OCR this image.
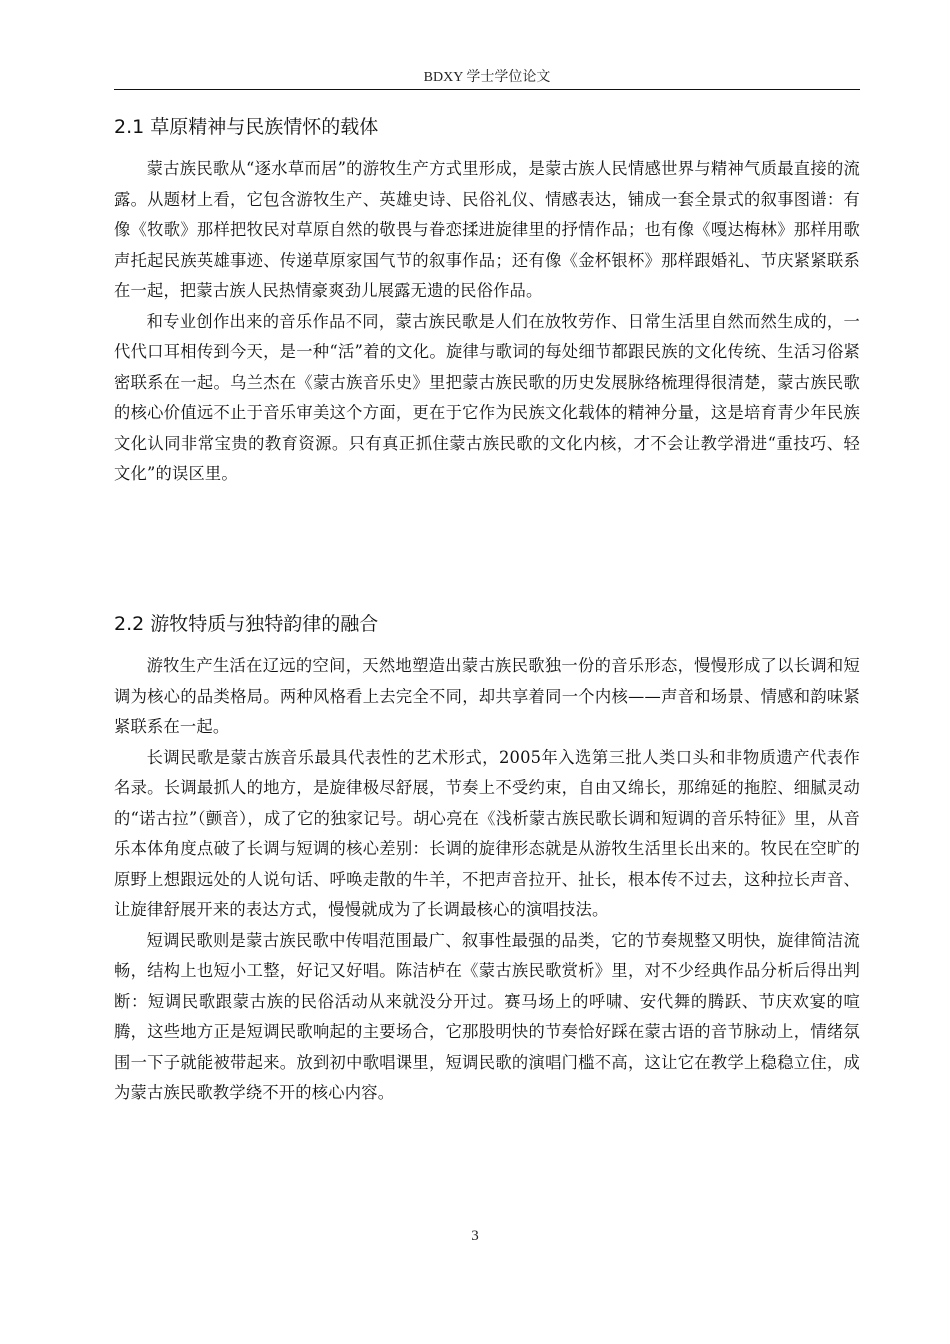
BDXY 学士学位论文
2.1 草原精神与民族情怀的载体

蒙古族民歌从“逐水草而居”的游牧生产方式里形成，是蒙古族人民情感世界与精神气质最直接的流露。从题材上看，它包含游牧生产、英雄史诗、民俗礼仪、情感表达，铺成一套全景式的叙事图谱：有像《牧歌》那样把牧民对草原自然的敬畏与眷恋揉进旋律里的抒情作品；也有像《嘎达梅林》那样用歌声托起民族英雄事迹、传递草原家国气节的叙事作品；还有像《金杯银杯》那样跟婚礼、节庆紧紧联系在一起，把蒙古族人民热情豪爽劲儿展露无遗的民俗作品。

和专业创作出来的音乐作品不同，蒙古族民歌是人们在放牧劳作、日常生活里自然而然生成的，一代代口耳相传到今天，是一种“活”着的文化。旋律与歌词的每处细节都跟民族的文化传统、生活习俗紧密联系在一起。乌兰杰在《蒙古族音乐史》里把蒙古族民歌的历史发展脉络梳理得很清楚，蒙古族民歌的核心价值远不止于音乐审美这个方面，更在于它作为民族文化载体的精神分量，这是培育青少年民族文化认同非常宝贵的教育资源。只有真正抓住蒙古族民歌的文化内核，才不会让教学滑进“重技巧、轻文化”的误区里。

2.2 游牧特质与独特韵律的融合

游牧生产生活在辽远的空间，天然地塑造出蒙古族民歌独一份的音乐形态，慢慢形成了以长调和短调为核心的品类格局。两种风格看上去完全不同，却共享着同一个内核——声音和场景、情感和韵味紧紧联系在一起。

长调民歌是蒙古族音乐最具代表性的艺术形式，2005年入选第三批人类口头和非物质遗产代表作名录。长调最抓人的地方，是旋律极尽舒展，节奏上不受约束，自由又绵长，那绵延的拖腔、细腻灵动的“诺古拉”（颤音），成了它的独家记号。胡心亮在《浅析蒙古族民歌长调和短调的音乐特征》里，从音乐本体角度点破了长调与短调的核心差别：长调的旋律形态就是从游牧生活里长出来的。牧民在空旷的原野上想跟远处的人说句话、呼唤走散的牛羊，不把声音拉开、扯长，根本传不过去，这种拉长声音、让旋律舒展开来的表达方式，慢慢就成为了长调最核心的演唱技法。

短调民歌则是蒙古族民歌中传唱范围最广、叙事性最强的品类，它的节奏规整又明快，旋律简洁流畅，结构上也短小工整，好记又好唱。陈洁栌在《蒙古族民歌赏析》里，对不少经典作品分析后得出判断：短调民歌跟蒙古族的民俗活动从来就没分开过。赛马场上的呼啸、安代舞的腾跃、节庆欢宴的喧腾，这些地方正是短调民歌响起的主要场合，它那股明快的节奏恰好踩在蒙古语的音节脉动上，情绪氛围一下子就能被带起来。放到初中歌唱课里，短调民歌的演唱门槛不高，这让它在教学上稳稳立住，成为蒙古族民歌教学绕不开的核心内容。

3
